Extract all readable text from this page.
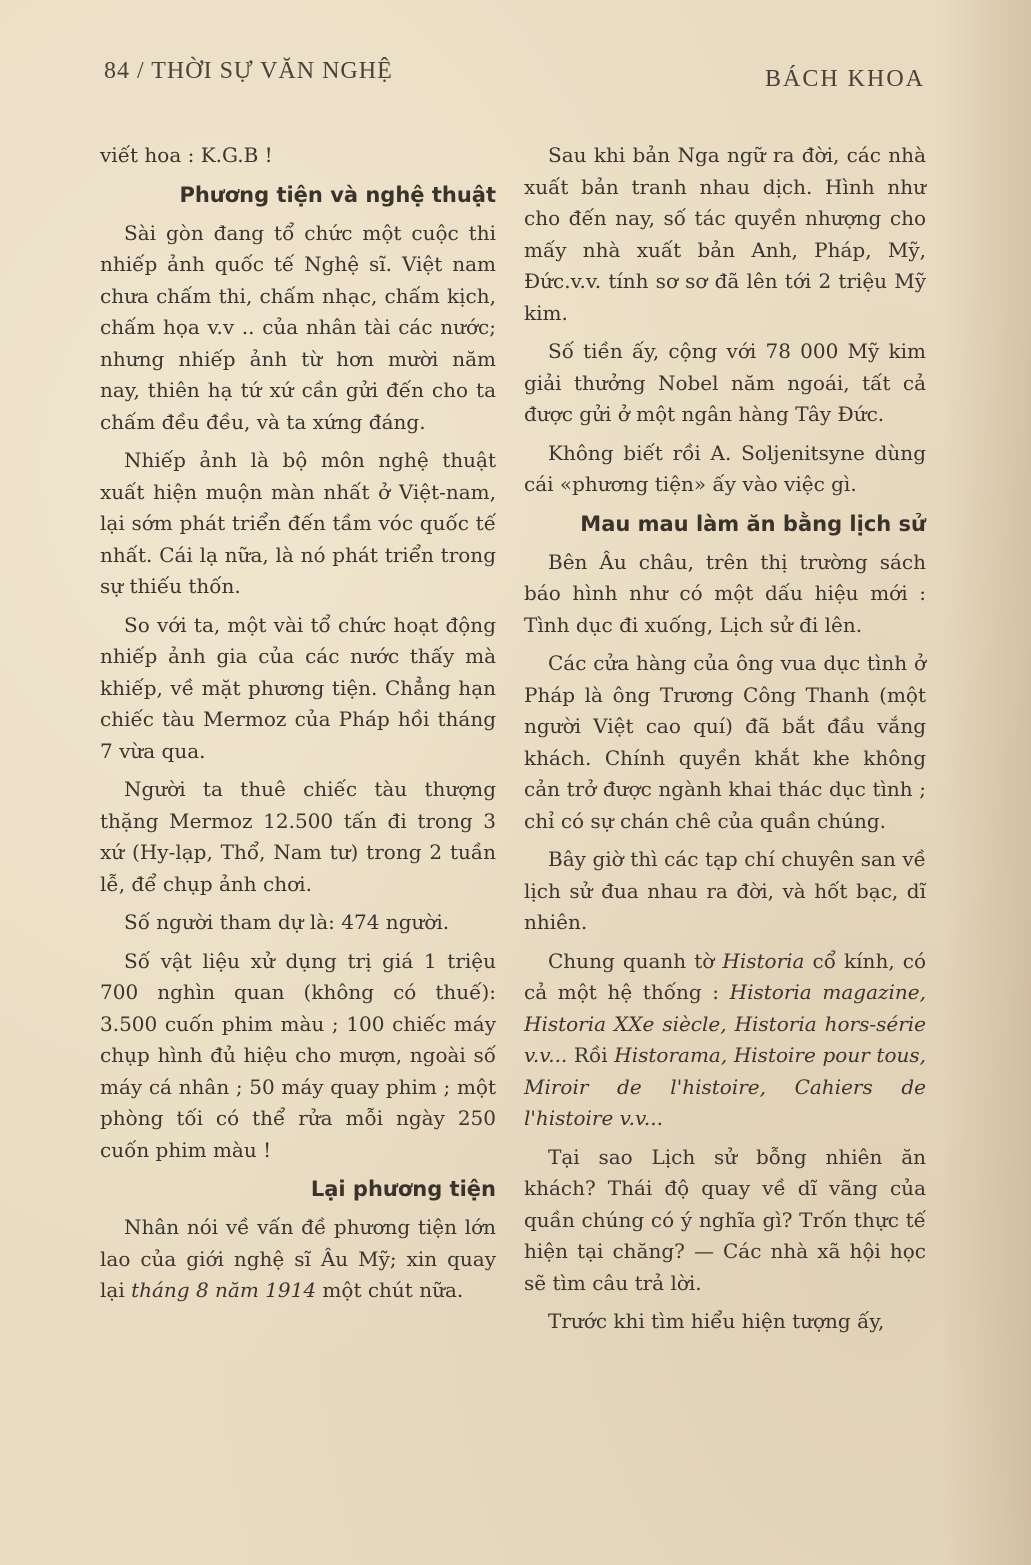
84 / THỜI SỰ VĂN NGHỆ	BÁCH KHOA

viết hoa : K.G.B !

Phương tiện và nghệ thuật

Sài gòn đang tổ chức một cuộc thi nhiếp ảnh quốc tế Nghệ sĩ. Việt nam chưa chấm thi, chấm nhạc, chấm kịch, chấm họa v.v .. của nhân tài các nước; nhưng nhiếp ảnh từ hơn mười năm nay, thiên hạ tứ xứ cần gửi đến cho ta chấm đều đều, và ta xứng đáng.

Nhiếp ảnh là bộ môn nghệ thuật xuất hiện muộn màn nhất ở Việt-nam, lại sớm phát triển đến tầm vóc quốc tế nhất. Cái lạ nữa, là nó phát triển trong sự thiếu thốn.

So với ta, một vài tổ chức hoạt động nhiếp ảnh gia của các nước thấy mà khiếp, về mặt phương tiện. Chẳng hạn chiếc tàu Mermoz của Pháp hồi tháng 7 vừa qua.

Người ta thuê chiếc tàu thượng thặng Mermoz 12.500 tấn đi trong 3 xứ (Hy-lạp, Thổ, Nam tư) trong 2 tuần lễ, để chụp ảnh chơi.

Số người tham dự là: 474 người.

Số vật liệu xử dụng trị giá 1 triệu 700 nghìn quan (không có thuế): 3.500 cuốn phim màu ; 100 chiếc máy chụp hình đủ hiệu cho mượn, ngoài số máy cá nhân ; 50 máy quay phim ; một phòng tối có thể rửa mỗi ngày 250 cuốn phim màu !

Lại phương tiện

Nhân nói về vấn đề phương tiện lớn lao của giới nghệ sĩ Âu Mỹ; xin quay lại tháng 8 năm 1914 một chút nữa.

Sau khi bản Nga ngữ ra đời, các nhà xuất bản tranh nhau dịch. Hình như cho đến nay, số tác quyền nhượng cho mấy nhà xuất bản Anh, Pháp, Mỹ, Đức.v.v. tính sơ sơ đã lên tới 2 triệu Mỹ kim.

Số tiền ấy, cộng với 78 000 Mỹ kim giải thưởng Nobel năm ngoái, tất cả được gửi ở một ngân hàng Tây Đức.

Không biết rồi A. Soljenitsyne dùng cái «phương tiện» ấy vào việc gì.

Mau mau làm ăn bằng lịch sử

Bên Âu châu, trên thị trường sách báo hình như có một dấu hiệu mới : Tình dục đi xuống, Lịch sử đi lên.

Các cửa hàng của ông vua dục tình ở Pháp là ông Trương Công Thanh (một người Việt cao quí) đã bắt đầu vắng khách. Chính quyền khắt khe không cản trở được ngành khai thác dục tình ; chỉ có sự chán chê của quần chúng.

Bây giờ thì các tạp chí chuyên san về lịch sử đua nhau ra đời, và hốt bạc, dĩ nhiên.

Chung quanh tờ Historia cổ kính, có cả một hệ thống : Historia magazine, Historia XXe siècle, Historia hors-série v.v... Rồi Historama, Histoire pour tous, Miroir de l'histoire, Cahiers de l'histoire v.v...

Tại sao Lịch sử bỗng nhiên ăn khách? Thái độ quay về dĩ vãng của quần chúng có ý nghĩa gì? Trốn thực tế hiện tại chăng? — Các nhà xã hội học sẽ tìm câu trả lời.

Trước khi tìm hiểu hiện tượng ấy,
